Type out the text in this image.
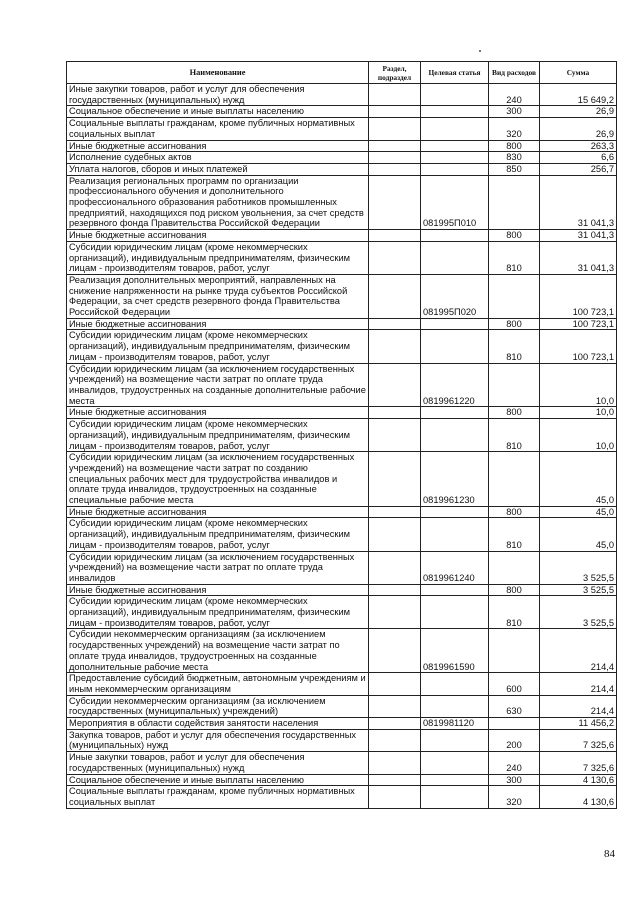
Наименование	Раздел, подраздел	Целевая статья	Вид расходов	Сумма
Иные закупки товаров, работ и услуг для обеспечения государственных (муниципальных) нужд			240	15 649,2
Социальное обеспечение и иные выплаты населению			300	26,9
Социальные выплаты гражданам, кроме публичных нормативных социальных выплат			320	26,9
Иные бюджетные ассигнования			800	263,3
Исполнение судебных актов			830	6,6
Уплата налогов, сборов и иных платежей			850	256,7
Реализация региональных программ по организации профессионального обучения и дополнительного профессионального образования работников промышленных предприятий, находящихся под риском увольнения, за счет средств резервного фонда Правительства Российской Федерации		081995П010		31 041,3
Иные бюджетные ассигнования			800	31 041,3
Субсидии юридическим лицам (кроме некоммерческих организаций), индивидуальным предпринимателям, физическим лицам - производителям товаров, работ, услуг			810	31 041,3
Реализация дополнительных мероприятий, направленных на снижение напряженности на рынке труда субъектов Российской Федерации, за счет средств резервного фонда Правительства Российской Федерации		081995П020		100 723,1
Иные бюджетные ассигнования			800	100 723,1
Субсидии юридическим лицам (кроме некоммерческих организаций), индивидуальным предпринимателям, физическим лицам - производителям товаров, работ, услуг			810	100 723,1
Субсидии юридическим лицам (за исключением государственных учреждений) на возмещение части затрат по оплате труда инвалидов, трудоустренных на созданные дополнительные рабочие места		0819961220		10,0
Иные бюджетные ассигнования			800	10,0
Субсидии юридическим лицам (кроме некоммерческих организаций), индивидуальным предпринимателям, физическим лицам - производителям товаров, работ, услуг			810	10,0
Субсидии юридическим лицам (за исключением государственных учреждений) на возмещение части затрат по созданию специальных рабочих мест для трудоустройства инвалидов и оплате труда инвалидов, трудоустроенных на созданные специальные рабочие места		0819961230		45,0
Иные бюджетные ассигнования			800	45,0
Субсидии юридическим лицам (кроме некоммерческих организаций), индивидуальным предпринимателям, физическим лицам - производителям товаров, работ, услуг			810	45,0
Субсидии юридическим лицам (за исключением государственных учреждений) на возмещение части затрат по оплате труда инвалидов		0819961240		3 525,5
Иные бюджетные ассигнования			800	3 525,5
Субсидии юридическим лицам (кроме некоммерческих организаций), индивидуальным предпринимателям, физическим лицам - производителям товаров, работ, услуг			810	3 525,5
Субсидии некоммерческим организациям (за исключением государственных учреждений) на возмещение части затрат по оплате труда инвалидов, трудоустроенных на созданные дополнительные рабочие места		0819961590		214,4
Предоставление субсидий бюджетным, автономным учреждениям и иным некоммерческим организациям			600	214,4
Субсидии некоммерческим организациям (за исключением государственных (муниципальных) учреждений)			630	214,4
Мероприятия в области содействия занятости населения		0819981120		11 456,2
Закупка товаров, работ и услуг для обеспечения государственных (муниципальных) нужд			200	7 325,6
Иные закупки товаров, работ и услуг для обеспечения государственных (муниципальных) нужд			240	7 325,6
Социальное обеспечение и иные выплаты населению			300	4 130,6
Социальные выплаты гражданам, кроме публичных нормативных социальных выплат			320	4 130,6
84
